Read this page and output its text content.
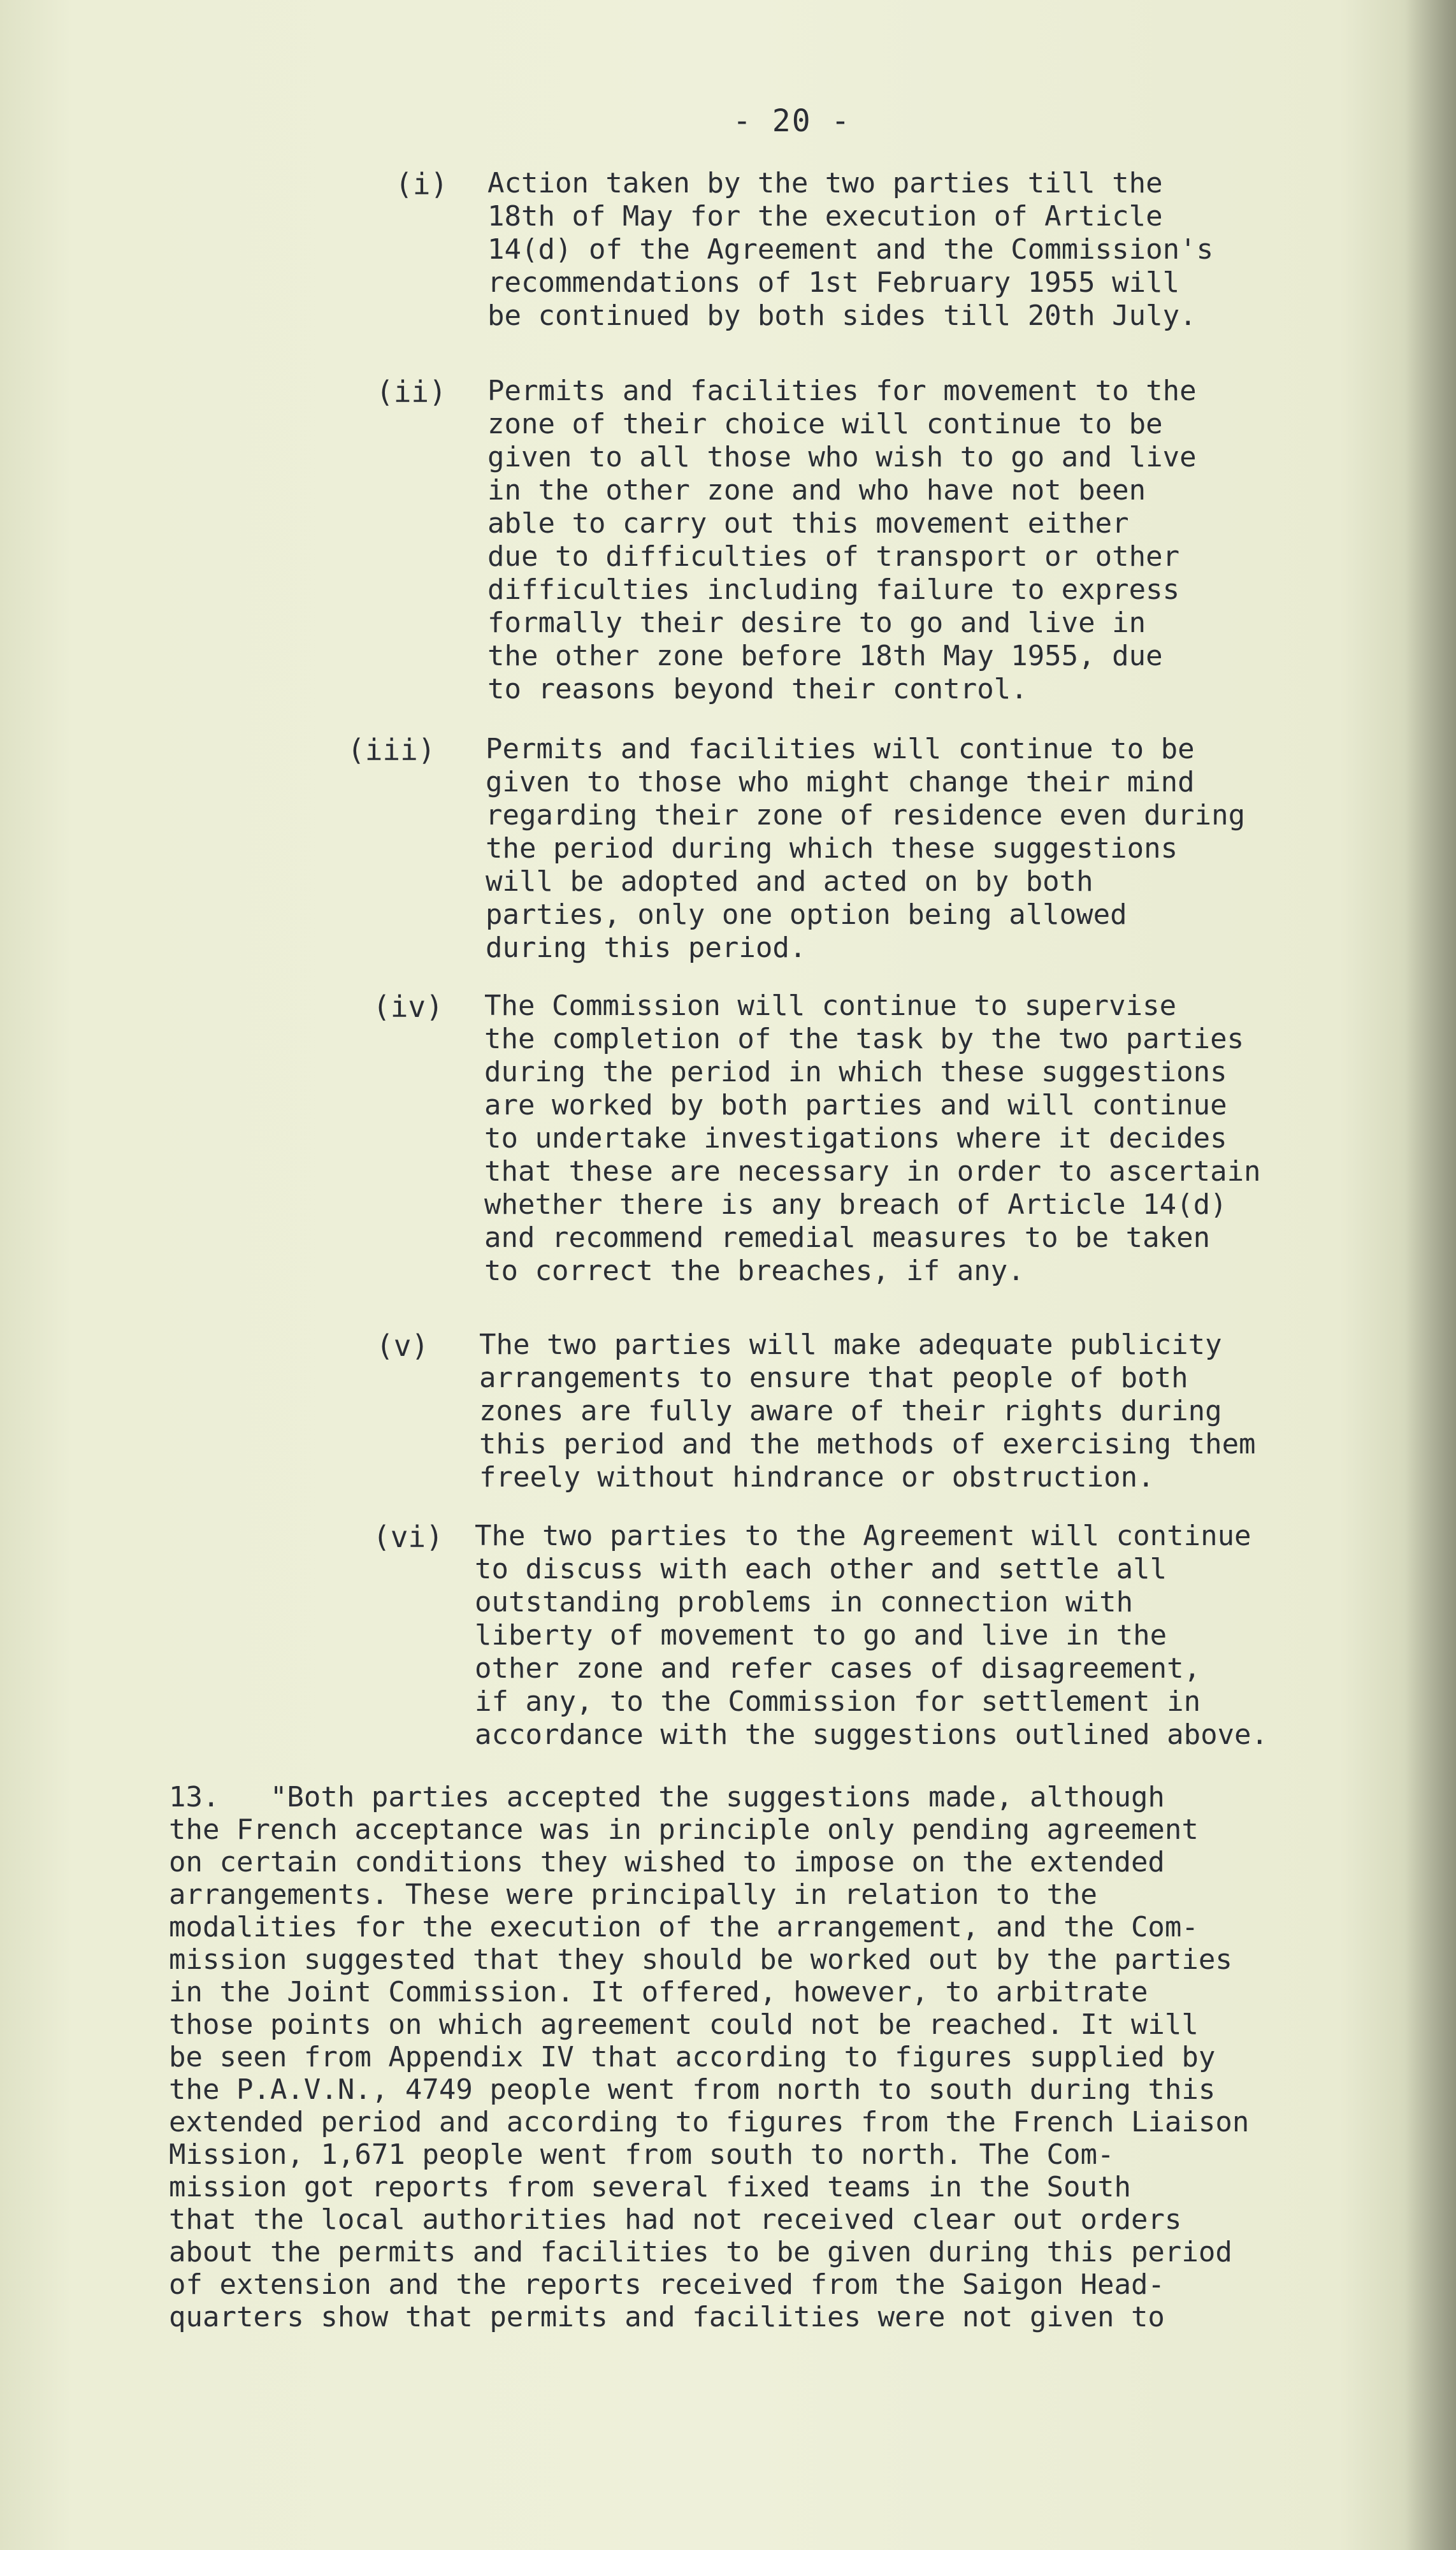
- 20 -
(i) Action taken by the two parties till the
18th of May for the execution of Article
14(d) of the Agreement and the Commission's
recommendations of 1st February 1955 will
be continued by both sides till 20th July.
(ii) Permits and facilities for movement to the
zone of their choice will continue to be
given to all those who wish to go and live
in the other zone and who have not been
able to carry out this movement either
due to difficulties of transport or other
difficulties including failure to express
formally their desire to go and live in
the other zone before 18th May 1955, due
to reasons beyond their control.
(iii) Permits and facilities will continue to be
given to those who might change their mind
regarding their zone of residence even during
the period during which these suggestions
will be adopted and acted on by both
parties, only one option being allowed
during this period.
(iv) The Commission will continue to supervise
the completion of the task by the two parties
during the period in which these suggestions
are worked by both parties and will continue
to undertake investigations where it decides
that these are necessary in order to ascertain
whether there is any breach of Article 14(d)
and recommend remedial measures to be taken
to correct the breaches, if any.
(v) The two parties will make adequate publicity
arrangements to ensure that people of both
zones are fully aware of their rights during
this period and the methods of exercising them
freely without hindrance or obstruction.
(vi) The two parties to the Agreement will continue
to discuss with each other and settle all
outstanding problems in connection with
liberty of movement to go and live in the
other zone and refer cases of disagreement,
if any, to the Commission for settlement in
accordance with the suggestions outlined above.
13.   "Both parties accepted the suggestions made, although
the French acceptance was in principle only pending agreement
on certain conditions they wished to impose on the extended
arrangements. These were principally in relation to the
modalities for the execution of the arrangement, and the Com-
mission suggested that they should be worked out by the parties
in the Joint Commission. It offered, however, to arbitrate
those points on which agreement could not be reached. It will
be seen from Appendix IV that according to figures supplied by
the P.A.V.N., 4749 people went from north to south during this
extended period and according to figures from the French Liaison
Mission, 1,671 people went from south to north. The Com-
mission got reports from several fixed teams in the South
that the local authorities had not received clear out orders
about the permits and facilities to be given during this period
of extension and the reports received from the Saigon Head-
quarters show that permits and facilities were not given to
